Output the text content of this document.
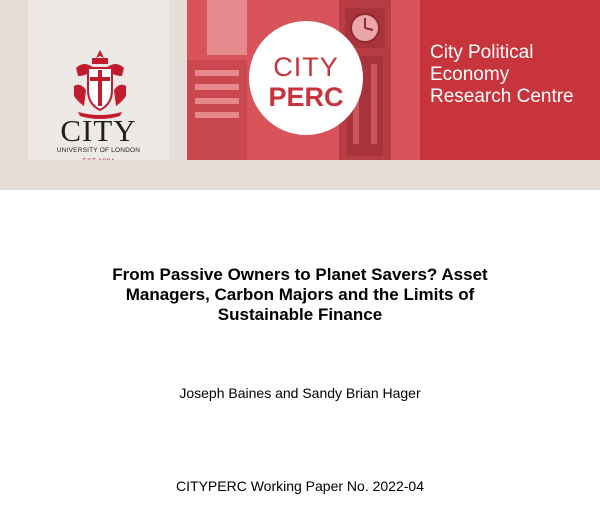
CITY
UNIVERSITY OF LONDON
CITY
PERC
City Political
Economy
Research Centre
Working Paper Series
From Passive Owners to Planet Savers? Asset
Managers, Carbon Majors and the Limits of
Sustainable Finance
Joseph Baines and Sandy Brian Hager
CITYPERC Working Paper No. 2022-04
